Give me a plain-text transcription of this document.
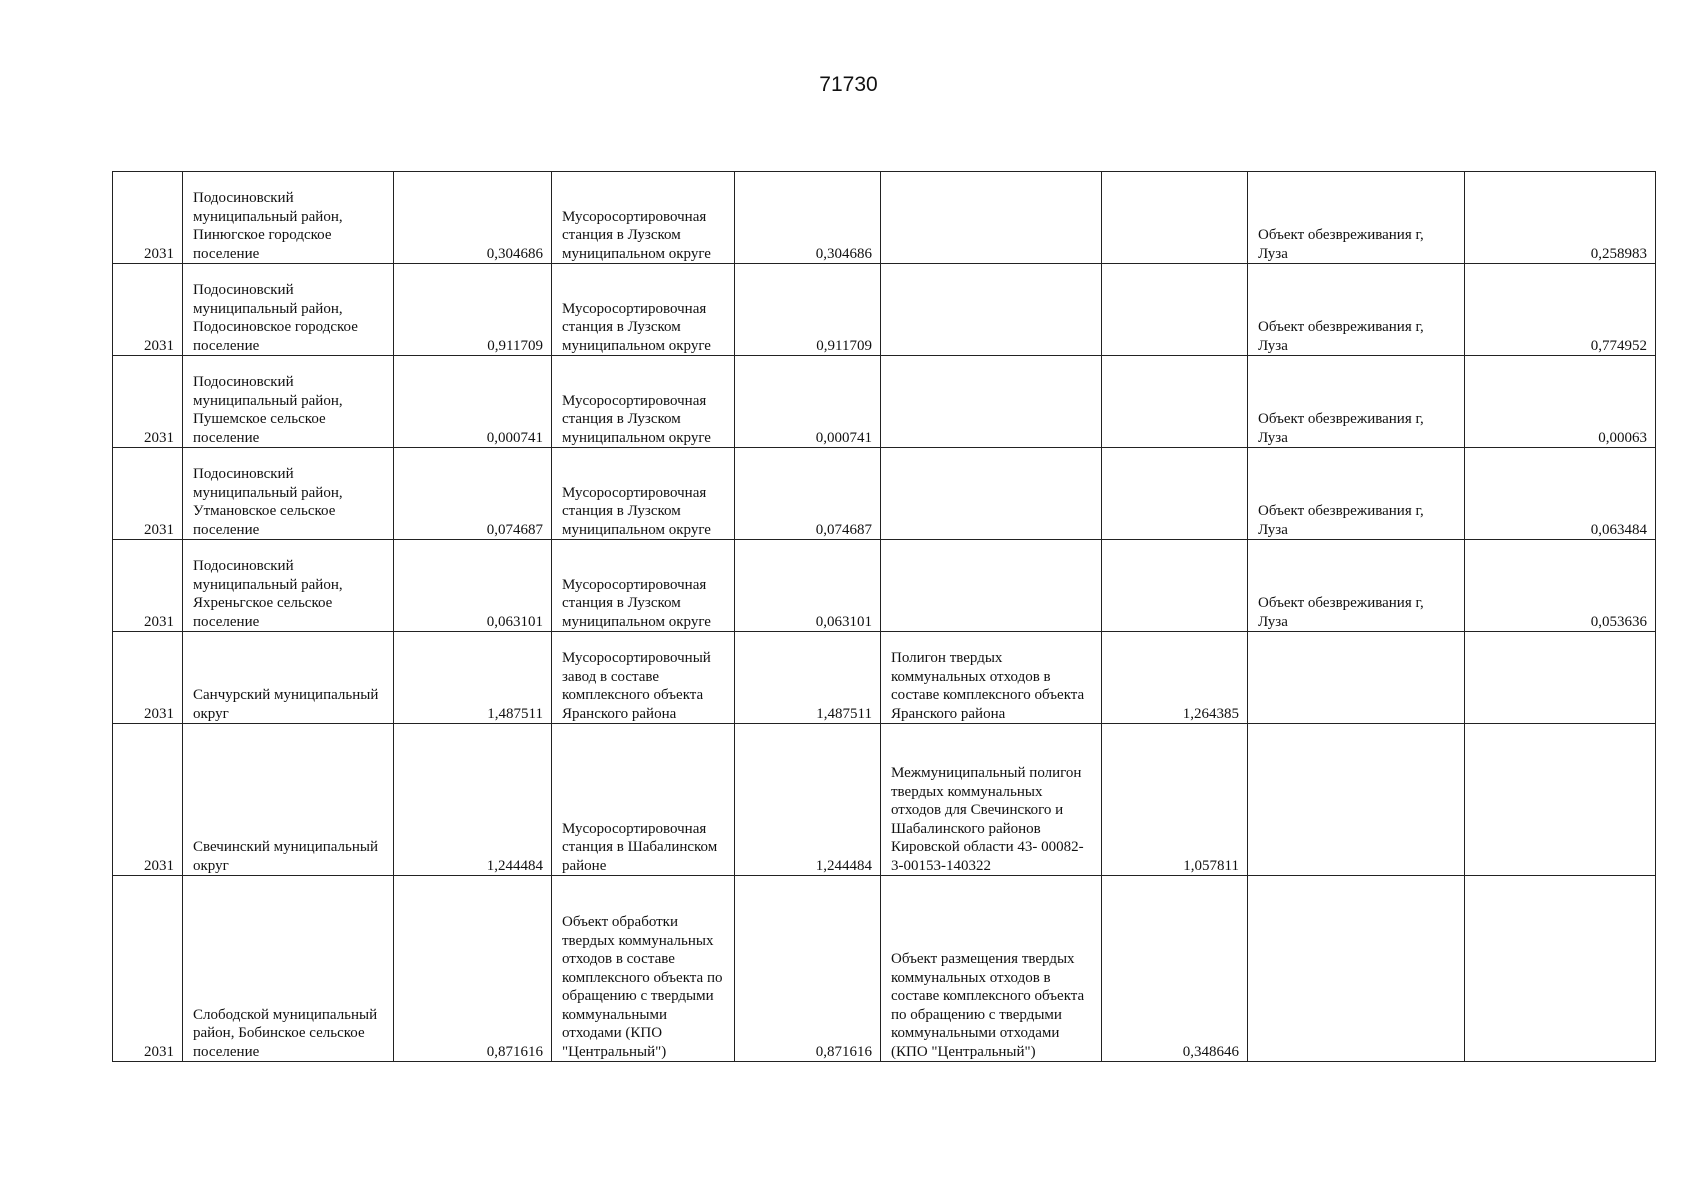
71730
2031	Подосиновский муниципальный район, Пинюгское городское поселение	0,304686	Мусоросортировочная станция в Лузском муниципальном округе	0,304686			Объект обезвреживания г, Луза	0,258983
2031	Подосиновский муниципальный район, Подосиновское городское поселение	0,911709	Мусоросортировочная станция в Лузском муниципальном округе	0,911709			Объект обезвреживания г, Луза	0,774952
2031	Подосиновский муниципальный район, Пушемское сельское поселение	0,000741	Мусоросортировочная станция в Лузском муниципальном округе	0,000741			Объект обезвреживания г, Луза	0,00063
2031	Подосиновский муниципальный район, Утмановское сельское поселение	0,074687	Мусоросортировочная станция в Лузском муниципальном округе	0,074687			Объект обезвреживания г, Луза	0,063484
2031	Подосиновский муниципальный район, Яхреньгское сельское поселение	0,063101	Мусоросортировочная станция в Лузском муниципальном округе	0,063101			Объект обезвреживания г, Луза	0,053636
2031	Санчурский муниципальный округ	1,487511	Мусоросортировочный завод в составе комплексного объекта Яранского района	1,487511	Полигон твердых коммунальных отходов в составе комплексного объекта Яранского района	1,264385		
2031	Свечинский муниципальный округ	1,244484	Мусоросортировочная станция в Шабалинском районе	1,244484	Межмуниципальный полигон твердых коммунальных отходов для Свечинского и Шабалинского районов Кировской области 43- 00082-3-00153-140322	1,057811		
2031	Слободской муниципальный район, Бобинское сельское поселение	0,871616	Объект обработки твердых коммунальных отходов в составе комплексного объекта по обращению с твердыми коммунальными отходами (КПО "Центральный")	0,871616	Объект размещения твердых коммунальных отходов в составе комплексного объекта по обращению с твердыми коммунальными отходами (КПО "Центральный")	0,348646		
